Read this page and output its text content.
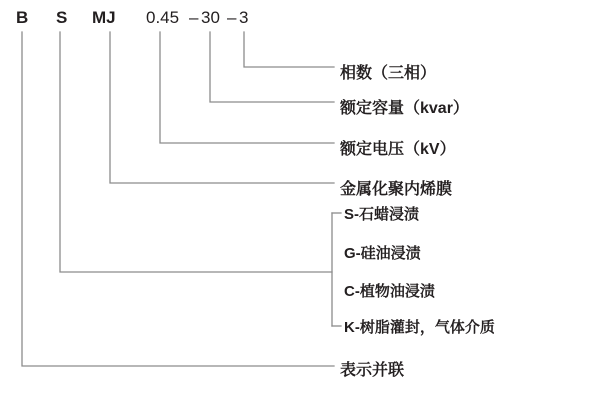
B S MJ 0.45 – 30 – 3
相数（三相）
额定容量（kvar）
额定电压（kV）
金属化聚内烯膜
S-石蜡浸渍
G-硅油浸渍
C-植物油浸渍
K-树脂灌封，气体介质
表示并联
